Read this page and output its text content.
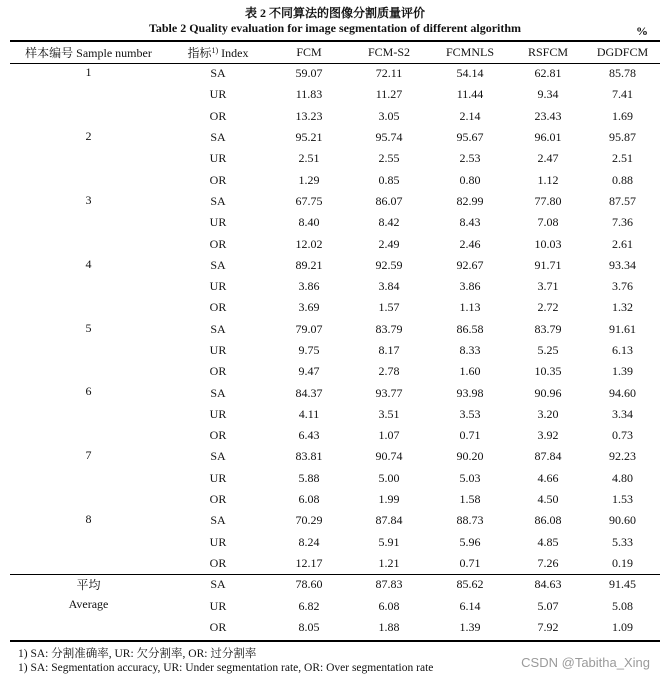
表 2 不同算法的图像分割质量评价
Table 2 Quality evaluation for image segmentation of different algorithm	%
样本编号 Sample number	指标$^{1)}$ Index	FCM	FCM-S2	FCMNLS	RSFCM	DGDFCM

1	SA	59.07	72.11	54.14	62.81	85.78
	UR	11.83	11.27	11.44	9.34	7.41
	OR	13.23	3.05	2.14	23.43	1.69

2	SA	95.21	95.74	95.67	96.01	95.87
	UR	2.51	2.55	2.53	2.47	2.51
	OR	1.29	0.85	0.80	1.12	0.88

3	SA	67.75	86.07	82.99	77.80	87.57
	UR	8.40	8.42	8.43	7.08	7.36
	OR	12.02	2.49	2.46	10.03	2.61

4	SA	89.21	92.59	92.67	91.71	93.34
	UR	3.86	3.84	3.86	3.71	3.76
	OR	3.69	1.57	1.13	2.72	1.32

5	SA	79.07	83.79	86.58	83.79	91.61
	UR	9.75	8.17	8.33	5.25	6.13
	OR	9.47	2.78	1.60	10.35	1.39

6	SA	84.37	93.77	93.98	90.96	94.60
	UR	4.11	3.51	3.53	3.20	3.34
	OR	6.43	1.07	0.71	3.92	0.73

7	SA	83.81	90.74	90.20	87.84	92.23
	UR	5.88	5.00	5.03	4.66	4.80
	OR	6.08	1.99	1.58	4.50	1.53

8	SA	70.29	87.84	88.73	86.08	90.60
	UR	8.24	5.91	5.96	4.85	5.33
	OR	12.17	1.21	0.71	7.26	0.19

平均
Average	SA	78.60	87.83	85.62	84.63	91.45
	UR	6.82	6.08	6.14	5.07	5.08
	OR	8.05	1.88	1.39	7.92	1.09
1) SA: 分割准确率, UR: 欠分割率, OR: 过分割率
1) SA: Segmentation accuracy, UR: Under segmentation rate, OR: Over segmentation rate	CSDN @Tabitha_Xing
